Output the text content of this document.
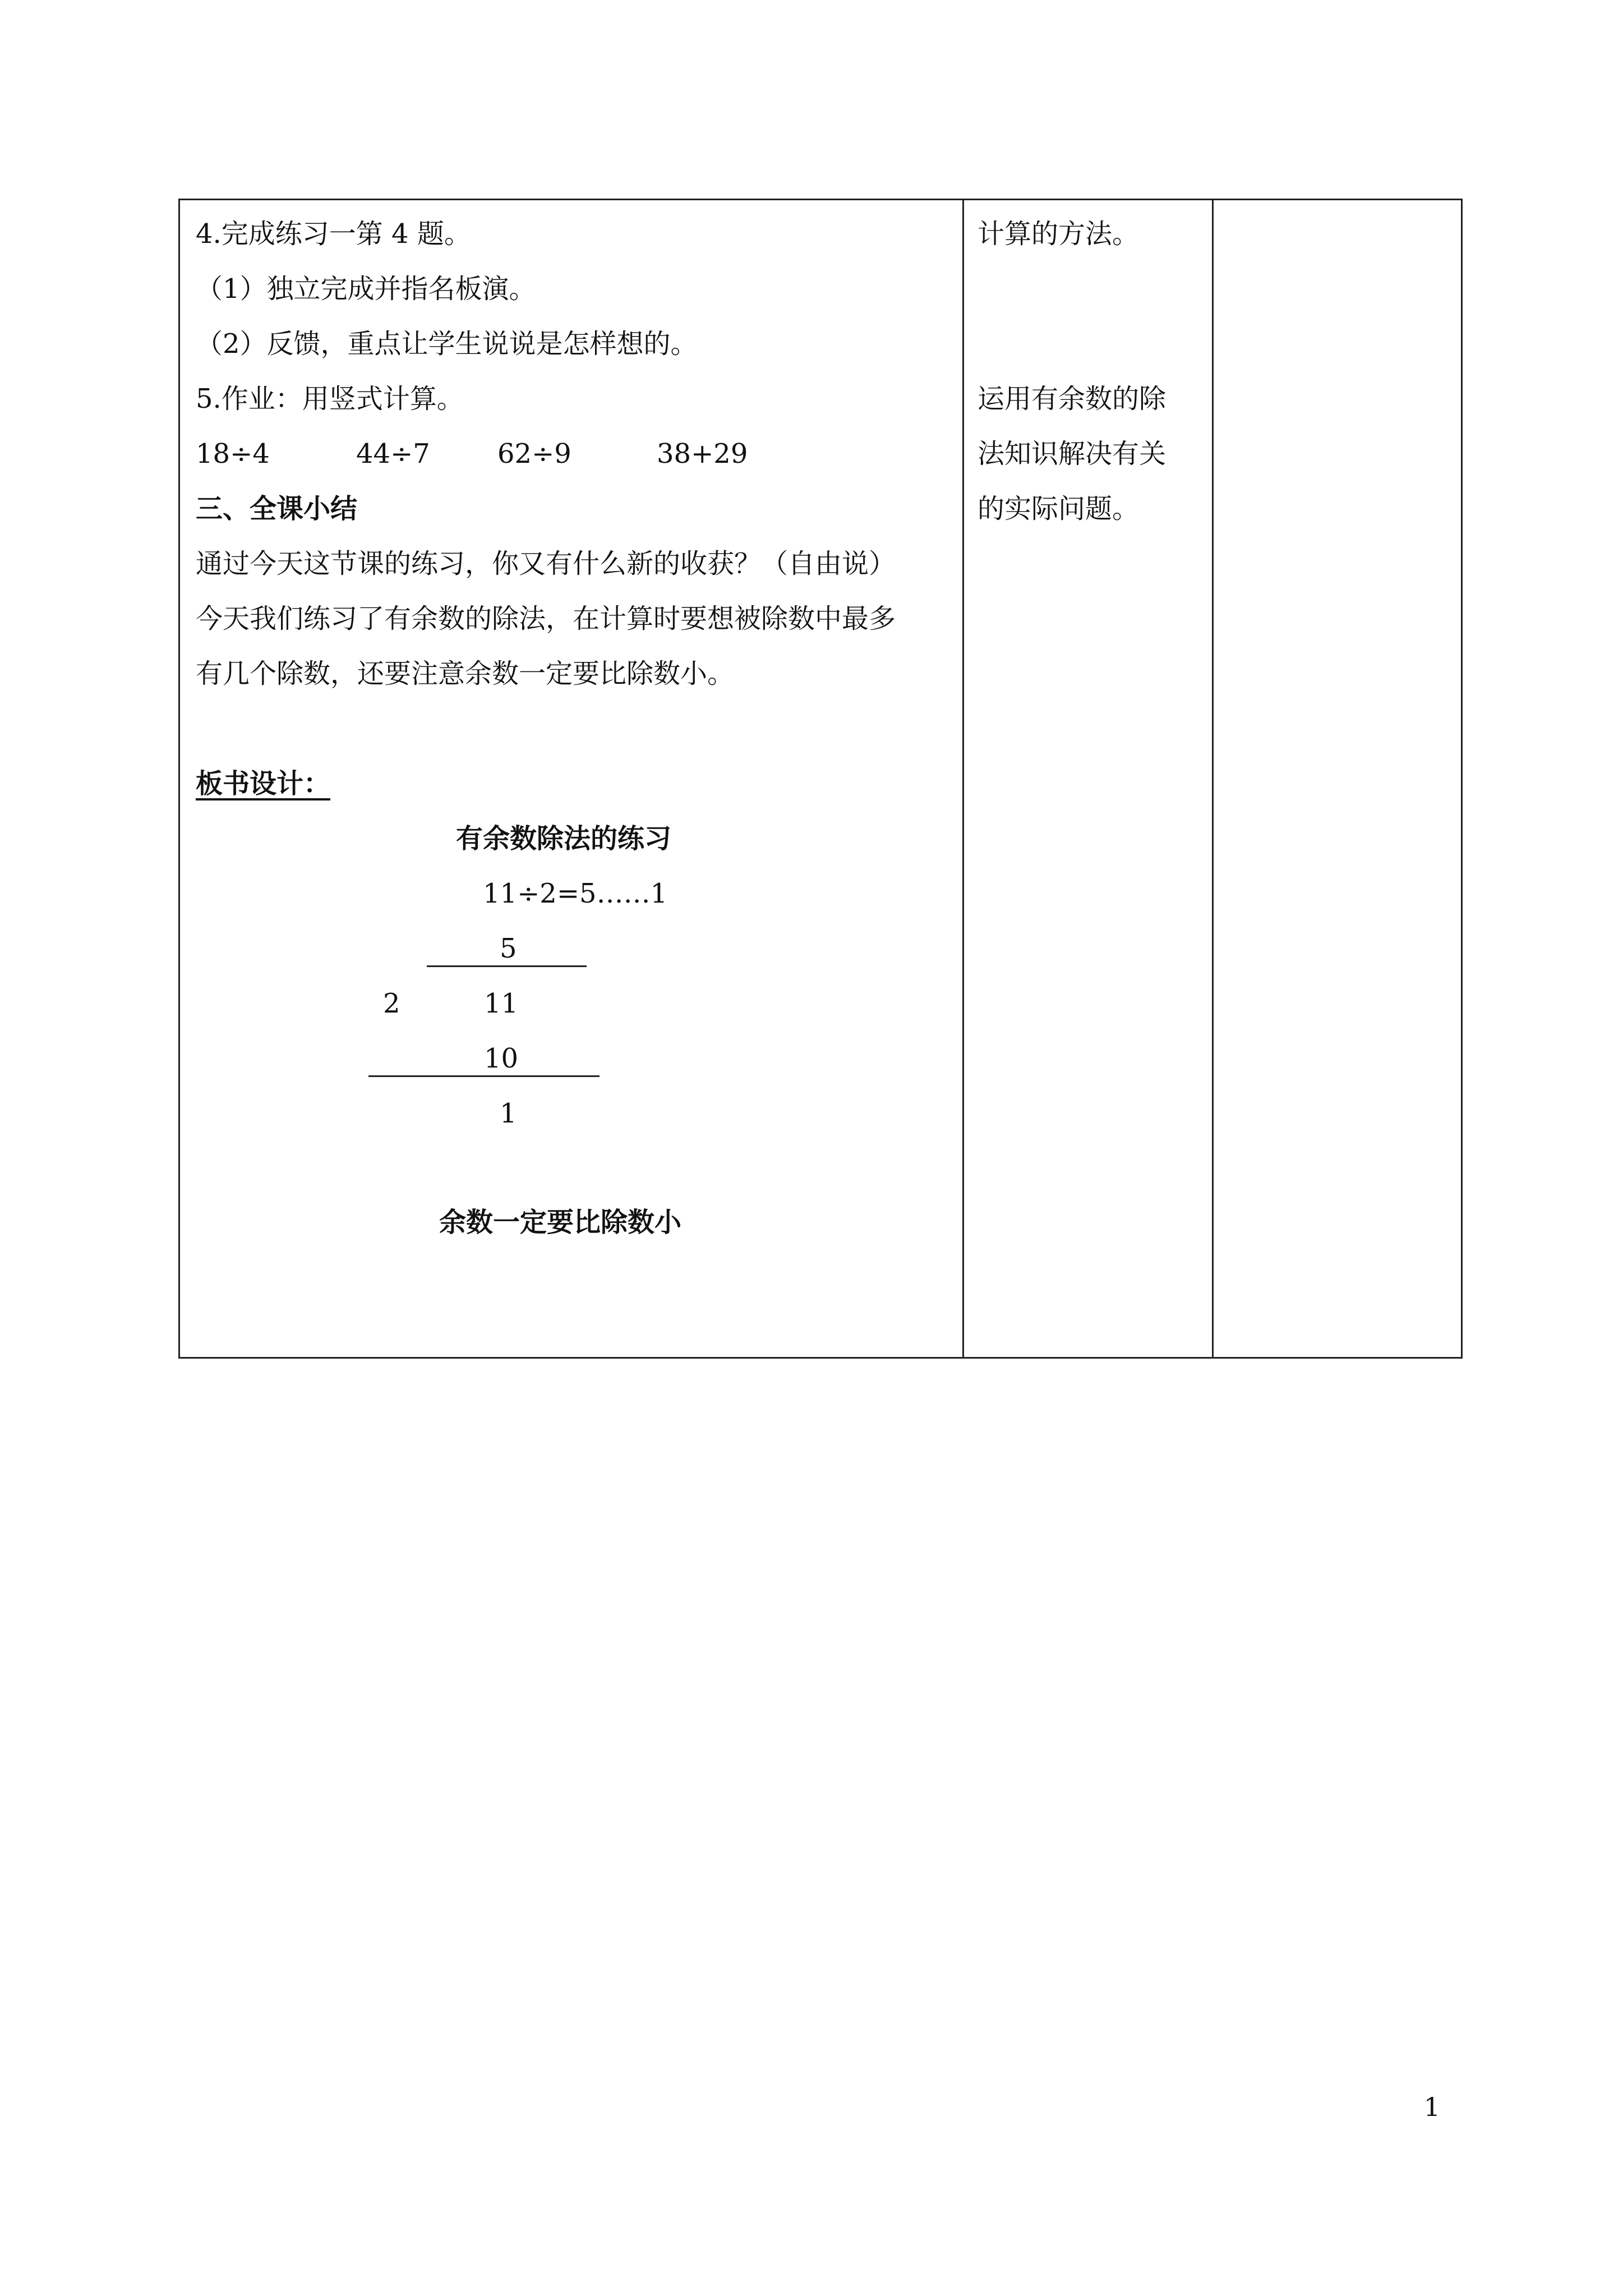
4.完成练习一第 4 题。
（1）独立完成并指名板演。
（2）反馈，重点让学生说说是怎样想的。
5.作业：用竖式计算。
18÷4	44÷7	62÷9	38+29
三、全课小结
通过今天这节课的练习，你又有什么新的收获？（自由说）
今天我们练习了有余数的除法，在计算时要想被除数中最多
有几个除数，还要注意余数一定要比除数小。
板书设计：
有余数除法的练习
11÷2=5……1
5
2	11
10
1
余数一定要比除数小
计算的方法。
运用有余数的除
法知识解决有关
的实际问题。
1
